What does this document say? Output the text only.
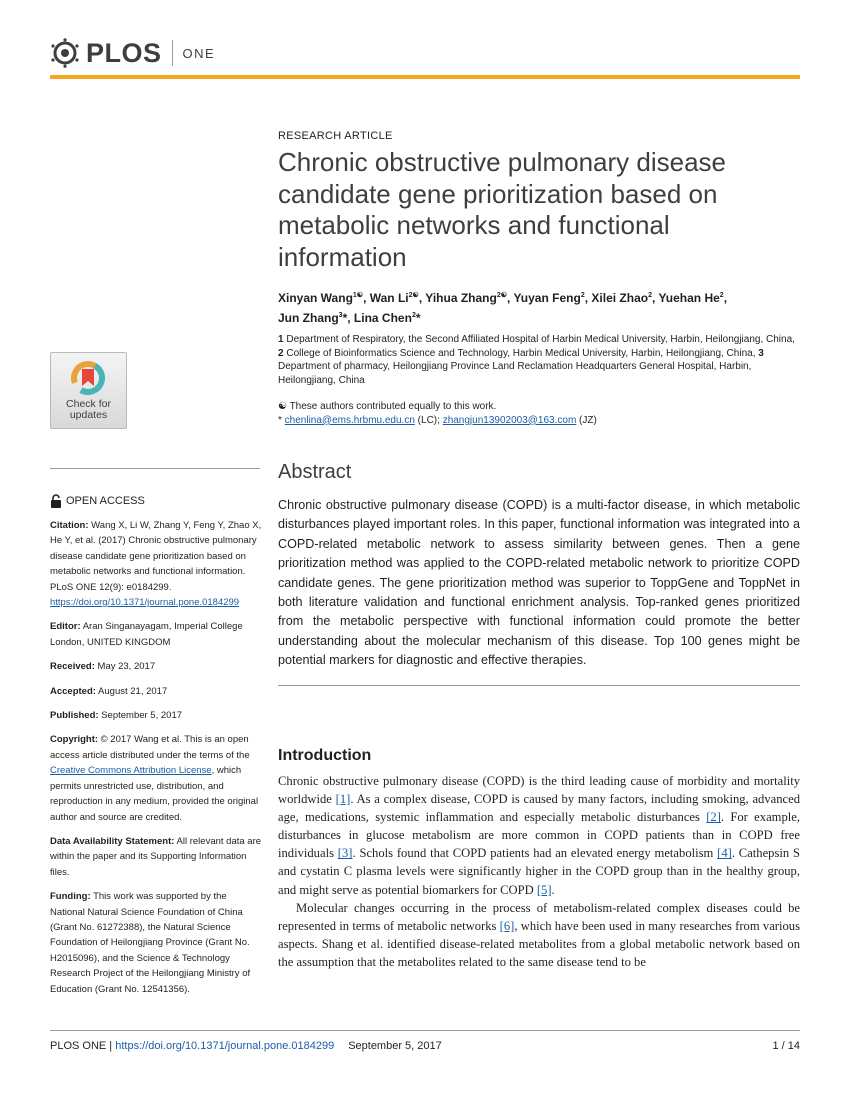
PLOS ONE
RESEARCH ARTICLE
Chronic obstructive pulmonary disease candidate gene prioritization based on metabolic networks and functional information
Xinyan Wang$^{1☯}$, Wan $Li^{2☯}$, Yihua Zhang$^{2☯}$, Yuyan Feng$^2$, Xilei Zhao$^2$, Yuehan He$^2$,
Jun Zhang$^3$*, Lina Chen$^2$*
1 Department of Respiratory, the Second Affiliated Hospital of Harbin Medical University, Harbin, Heilongjiang, China, 2 College of Bioinformatics Science and Technology, Harbin Medical University, Harbin, Heilongjiang, China, 3 Department of pharmacy, Heilongjiang Province Land Reclamation Headquarters General Hospital, Harbin, Heilongjiang, China
☯ These authors contributed equally to this work.
* chenlina@ems.hrbmu.edu.cn (LC); zhangjun13902003@163.com (JZ)
Abstract
Chronic obstructive pulmonary disease (COPD) is a multi-factor disease, in which metabolic disturbances played important roles. In this paper, functional information was integrated into a COPD-related metabolic network to assess similarity between genes. Then a gene prioritization method was applied to the COPD-related metabolic network to prioritize COPD candidate genes. The gene prioritization method was superior to ToppGene and ToppNet in both literature validation and functional enrichment analysis. Top-ranked genes prioritized from the metabolic perspective with functional information could promote the better understanding about the molecular mechanism of this disease. Top 100 genes might be potential markers for diagnostic and effective therapies.
Introduction

Chronic obstructive pulmonary disease (COPD) is the third leading cause of morbidity and mortality worldwide [1]. As a complex disease, COPD is caused by many factors, including smoking, advanced age, medications, systemic inflammation and especially metabolic disturbances [2]. For example, disturbances in glucose metabolism are more common in COPD patients than in COPD free individuals [3]. Schols found that COPD patients had an elevated energy metabolism [4]. Cathepsin S and cystatin C plasma levels were significantly higher in the COPD group than in the healthy group, and might serve as potential biomarkers for COPD [5].

Molecular changes occurring in the process of metabolism-related complex diseases could be represented in terms of metabolic networks [6], which have been used in many researches from various aspects. Shang et al. identified disease-related metabolites from a global metabolic network based on the assumption that the metabolites related to the same disease tend to be

Check for
updates
OPEN ACCESS

Citation: Wang X, Li W, Zhang Y, Feng Y, Zhao X, He Y, et al. (2017) Chronic obstructive pulmonary disease candidate gene prioritization based on metabolic networks and functional information. PLoS ONE 12(9): e0184299. https://doi.org/10.1371/journal.pone.0184299

Editor: Aran Singanayagam, Imperial College London, UNITED KINGDOM

Received: May 23, 2017

Accepted: August 21, 2017

Published: September 5, 2017

Copyright: © 2017 Wang et al. This is an open access article distributed under the terms of the Creative Commons Attribution License, which permits unrestricted use, distribution, and reproduction in any medium, provided the original author and source are credited.

Data Availability Statement: All relevant data are within the paper and its Supporting Information files.

Funding: This work was supported by the National Natural Science Foundation of China (Grant No. 61272388), the Natural Science Foundation of Heilongjiang Province (Grant No. H2015096), and the Science & Technology Research Project of the Heilongjiang Ministry of Education (Grant No. 12541356).

PLOS ONE | https://doi.org/10.1371/journal.pone.0184299 September 5, 2017	1 / 14
